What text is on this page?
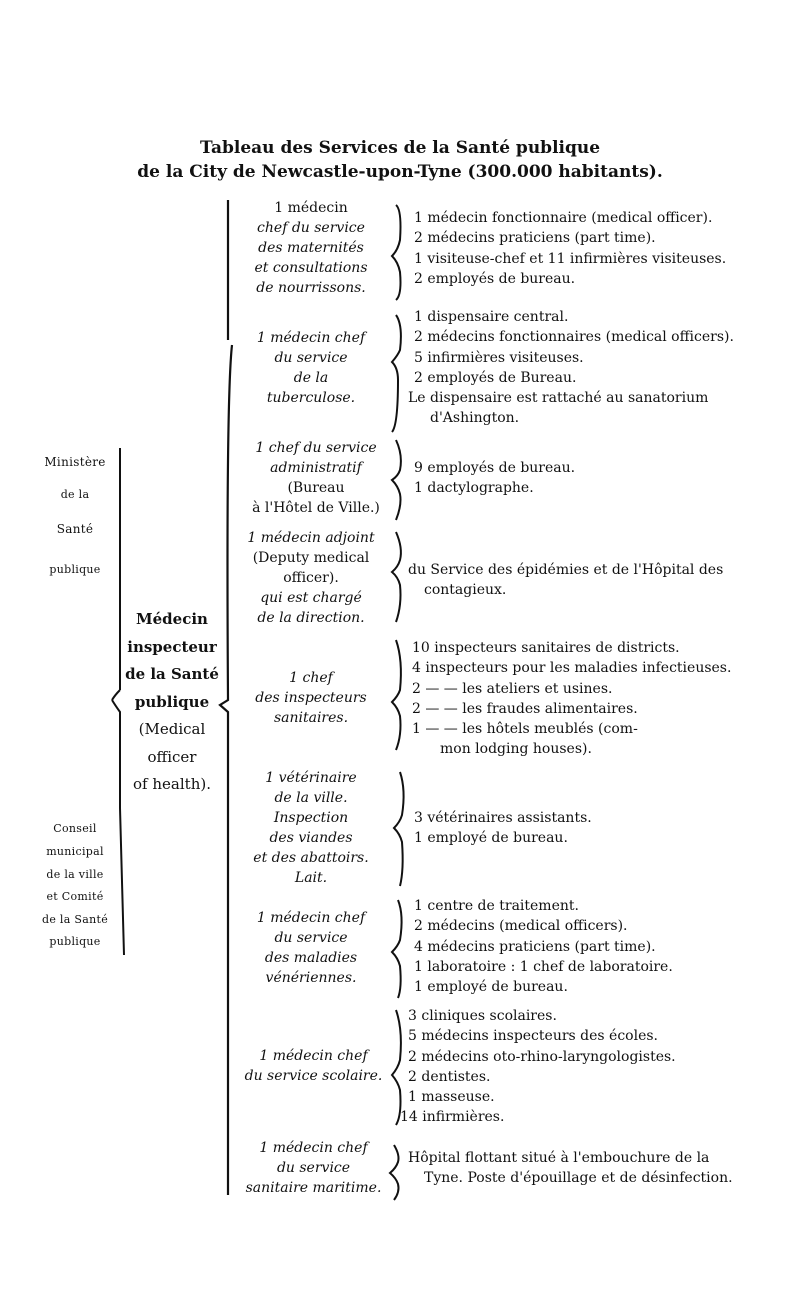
Tableau des Services de la Santé publique
de la City de Newcastle-upon-Tyne (300.000 habitants).
Ministère
de la
Santé
publique
Conseil
municipal
de la ville
et Comité
de la Santé
publique
Médecin
inspecteur
de la Santé
publique
(Medical
officer
of health).
1 médecin
chef du service
des maternités
et consultations
de nourrissons.
1 médecin fonctionnaire (medical officer).
2 médecins praticiens (part time).
1 visiteuse-chef et 11 infirmières visiteuses.
2 employés de bureau.
1 médecin chef
du service
de la
tuberculose.
1 dispensaire central.
2 médecins fonctionnaires (medical officers).
5 infirmières visiteuses.
2 employés de Bureau.
Le dispensaire est rattaché au sanatorium
d'Ashington.
1 chef du service
administratif
(Bureau
à l'Hôtel de Ville.)
9 employés de bureau.
1 dactylographe.
1 médecin adjoint
(Deputy medical
officer).
qui est chargé
de la direction.
du Service des épidémies et de l'Hôpital des
contagieux.
1 chef
des inspecteurs
sanitaires.
10 inspecteurs sanitaires de districts.
4 inspecteurs pour les maladies infectieuses.
2 — — les ateliers et usines.
2 — — les fraudes alimentaires.
1 — — les hôtels meublés (com-
mon lodging houses).
1 vétérinaire
de la ville.
Inspection
des viandes
et des abattoirs.
Lait.
3 vétérinaires assistants.
1 employé de bureau.
1 médecin chef
du service
des maladies
vénériennes.
1 centre de traitement.
2 médecins (medical officers).
4 médecins praticiens (part time).
1 laboratoire : 1 chef de laboratoire.
1 employé de bureau.
1 médecin chef
du service scolaire.
3 cliniques scolaires.
5 médecins inspecteurs des écoles.
2 médecins oto-rhino-laryngologistes.
2 dentistes.
1 masseuse.
14 infirmières.
1 médecin chef
du service
sanitaire maritime.
Hôpital flottant situé à l'embouchure de la
Tyne. Poste d'épouillage et de désinfection.
